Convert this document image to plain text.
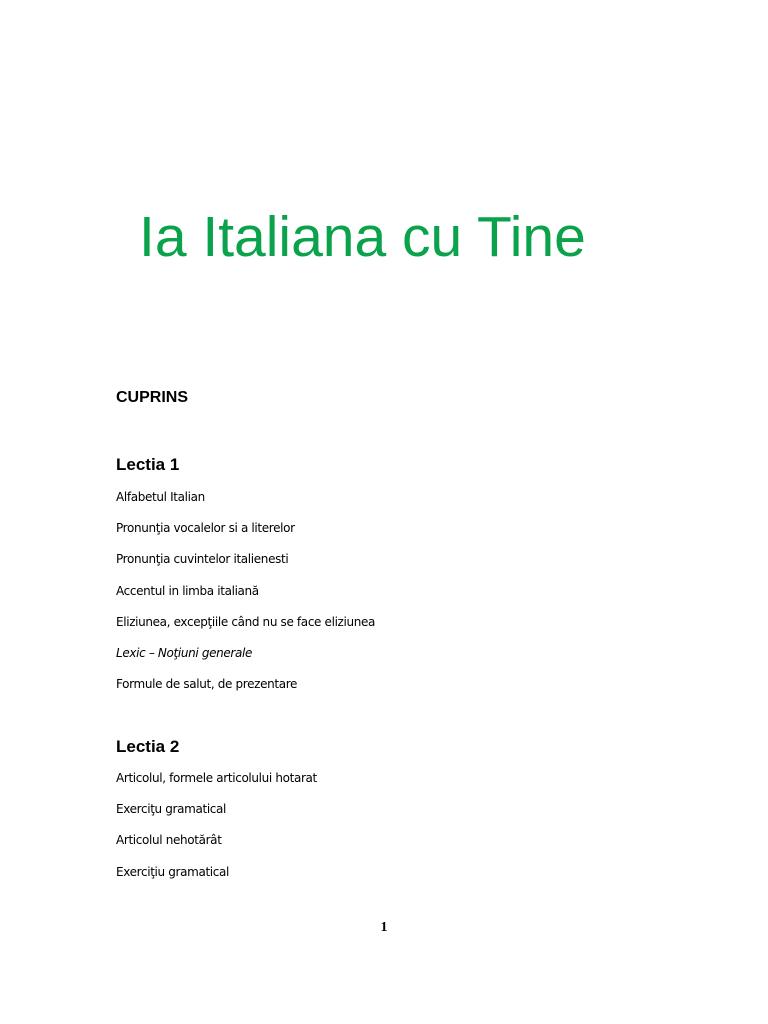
Ia Italiana cu Tine
CUPRINS
Lectia 1
Alfabetul Italian
Pronunţia vocalelor si a literelor
Pronunţia cuvintelor italienesti
Accentul in limba italiană
Eliziunea, excepţiile când nu se face eliziunea
Lexic – Noţiuni generale
Formule de salut, de prezentare
Lectia 2
Articolul, formele articolului hotarat
Exerciţu gramatical
Articolul nehotărât
Exerciţiu gramatical
1
